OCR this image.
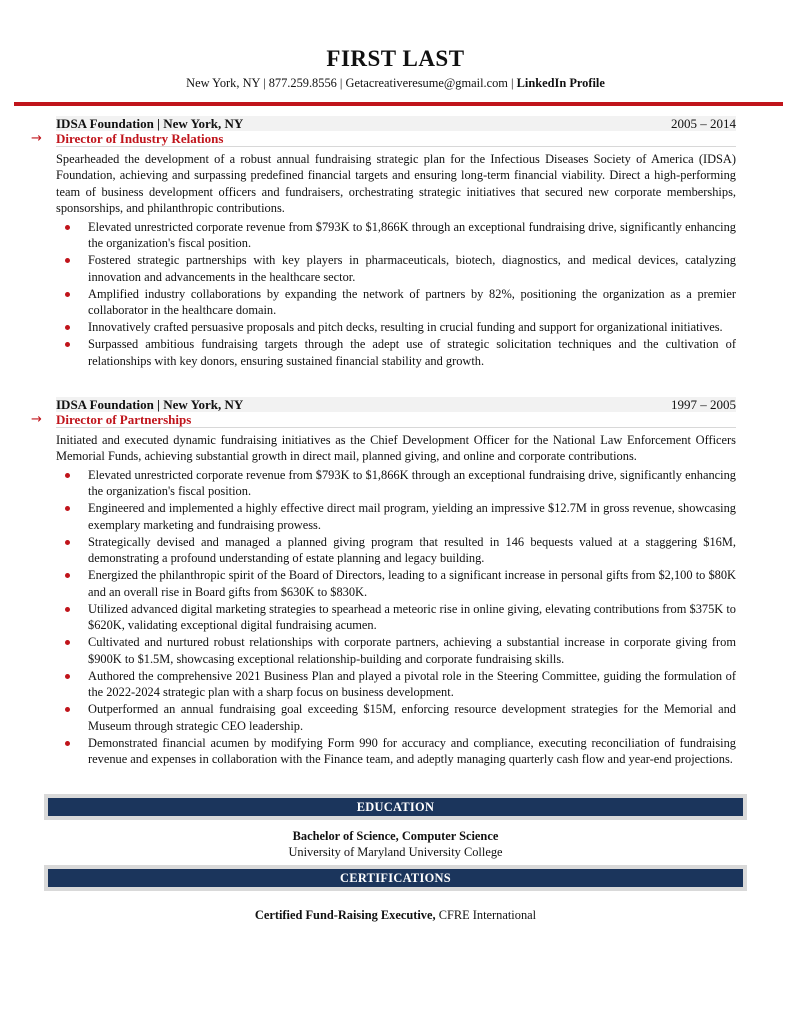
FIRST LAST
New York, NY | 877.259.8556 | Getacreativeresume@gmail.com | LinkedIn Profile
IDSA Foundation | New York, NY	2005 – 2014
→ Director of Industry Relations

Spearheaded the development of a robust annual fundraising strategic plan for the Infectious Diseases Society of America (IDSA) Foundation, achieving and surpassing predefined financial targets and ensuring long-term financial viability. Direct a high-performing team of business development officers and fundraisers, orchestrating strategic initiatives that secured new corporate memberships, sponsorships, and philanthropic contributions.

Elevated unrestricted corporate revenue from $793K to $1,866K through an exceptional fundraising drive, significantly enhancing the organization's fiscal position.
Fostered strategic partnerships with key players in pharmaceuticals, biotech, diagnostics, and medical devices, catalyzing innovation and advancements in the healthcare sector.
Amplified industry collaborations by expanding the network of partners by 82%, positioning the organization as a premier collaborator in the healthcare domain.
Innovatively crafted persuasive proposals and pitch decks, resulting in crucial funding and support for organizational initiatives.
Surpassed ambitious fundraising targets through the adept use of strategic solicitation techniques and the cultivation of relationships with key donors, ensuring sustained financial stability and growth.
IDSA Foundation | New York, NY	1997 – 2005
→ Director of Partnerships

Initiated and executed dynamic fundraising initiatives as the Chief Development Officer for the National Law Enforcement Officers Memorial Funds, achieving substantial growth in direct mail, planned giving, and online and corporate contributions.

Elevated unrestricted corporate revenue from $793K to $1,866K through an exceptional fundraising drive, significantly enhancing the organization's fiscal position.
Engineered and implemented a highly effective direct mail program, yielding an impressive $12.7M in gross revenue, showcasing exemplary marketing and fundraising prowess.
Strategically devised and managed a planned giving program that resulted in 146 bequests valued at a staggering $16M, demonstrating a profound understanding of estate planning and legacy building.
Energized the philanthropic spirit of the Board of Directors, leading to a significant increase in personal gifts from $2,100 to $80K and an overall rise in Board gifts from $630K to $830K.
Utilized advanced digital marketing strategies to spearhead a meteoric rise in online giving, elevating contributions from $375K to $620K, validating exceptional digital fundraising acumen.
Cultivated and nurtured robust relationships with corporate partners, achieving a substantial increase in corporate giving from $900K to $1.5M, showcasing exceptional relationship-building and corporate fundraising skills.
Authored the comprehensive 2021 Business Plan and played a pivotal role in the Steering Committee, guiding the formulation of the 2022-2024 strategic plan with a sharp focus on business development.
Outperformed an annual fundraising goal exceeding $15M, enforcing resource development strategies for the Memorial and Museum through strategic CEO leadership.
Demonstrated financial acumen by modifying Form 990 for accuracy and compliance, executing reconciliation of fundraising revenue and expenses in collaboration with the Finance team, and adeptly managing quarterly cash flow and year-end projections.
EDUCATION
Bachelor of Science, Computer Science
University of Maryland University College
CERTIFICATIONS
Certified Fund-Raising Executive, CFRE International
